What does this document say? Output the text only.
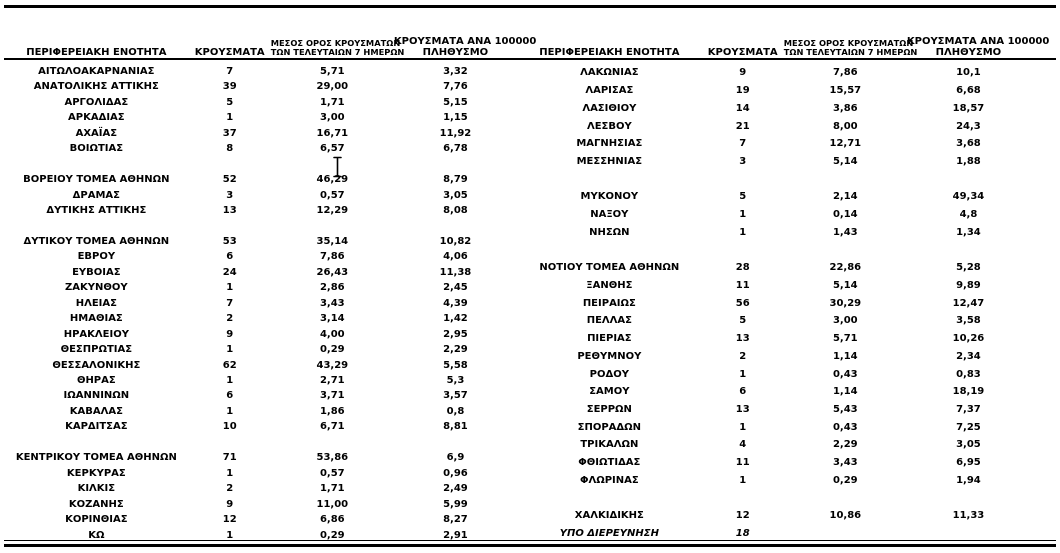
ΠΕΡΙΦΕΡΕΙΑΚΗ ΕΝΟΤΗΤΑ	ΚΡΟΥΣΜΑΤΑ	ΜΕΣΟΣ ΟΡΟΣ ΚΡΟΥΣΜΑΤΩΝ
ΤΩΝ ΤΕΛΕΥΤΑΙΩΝ 7 ΗΜΕΡΩΝ	ΚΡΟΥΣΜΑΤΑ ΑΝΑ 100000
ΠΛΗΘΥΣΜΟ

ΑΙΤΩΛΟΑΚΑΡΝΑΝΙΑΣ	7	5,71	3,32
ΑΝΑΤΟΛΙΚΗΣ ΑΤΤΙΚΗΣ	39	29,00	7,76
ΑΡΓΟΛΙΔΑΣ	5	1,71	5,15
ΑΡΚΑΔΙΑΣ	1	3,00	1,15
ΑΧΑΪΑΣ	37	16,71	11,92
ΒΟΙΩΤΙΑΣ	8	6,57	6,78

ΒΟΡΕΙΟΥ ΤΟΜΕΑ ΑΘΗΝΩΝ	52	46,29	8,79
ΔΡΑΜΑΣ	3	0,57	3,05
ΔΥΤΙΚΗΣ ΑΤΤΙΚΗΣ	13	12,29	8,08

ΔΥΤΙΚΟΥ ΤΟΜΕΑ ΑΘΗΝΩΝ	53	35,14	10,82
ΕΒΡΟΥ	6	7,86	4,06
ΕΥΒΟΙΑΣ	24	26,43	11,38
ΖΑΚΥΝΘΟΥ	1	2,86	2,45
ΗΛΕΙΑΣ	7	3,43	4,39
ΗΜΑΘΙΑΣ	2	3,14	1,42
ΗΡΑΚΛΕΙΟΥ	9	4,00	2,95
ΘΕΣΠΡΩΤΙΑΣ	1	0,29	2,29
ΘΕΣΣΑΛΟΝΙΚΗΣ	62	43,29	5,58
ΘΗΡΑΣ	1	2,71	5,3
ΙΩΑΝΝΙΝΩΝ	6	3,71	3,57
ΚΑΒΑΛΑΣ	1	1,86	0,8
ΚΑΡΔΙΤΣΑΣ	10	6,71	8,81

ΚΕΝΤΡΙΚΟΥ ΤΟΜΕΑ ΑΘΗΝΩΝ	71	53,86	6,9
ΚΕΡΚΥΡΑΣ	1	0,57	0,96
ΚΙΛΚΙΣ	2	1,71	2,49
ΚΟΖΑΝΗΣ	9	11,00	5,99
ΚΟΡΙΝΘΙΑΣ	12	6,86	8,27
ΚΩ	1	0,29	2,91
ΠΕΡΙΦΕΡΕΙΑΚΗ ΕΝΟΤΗΤΑ	ΚΡΟΥΣΜΑΤΑ	ΜΕΣΟΣ ΟΡΟΣ ΚΡΟΥΣΜΑΤΩΝ
ΤΩΝ ΤΕΛΕΥΤΑΙΩΝ 7 ΗΜΕΡΩΝ	ΚΡΟΥΣΜΑΤΑ ΑΝΑ 100000
ΠΛΗΘΥΣΜΟ

ΛΑΚΩΝΙΑΣ	9	7,86	10,1
ΛΑΡΙΣΑΣ	19	15,57	6,68
ΛΑΣΙΘΙΟΥ	14	3,86	18,57
ΛΕΣΒΟΥ	21	8,00	24,3
ΜΑΓΝΗΣΙΑΣ	7	12,71	3,68
ΜΕΣΣΗΝΙΑΣ	3	5,14	1,88

ΜΥΚΟΝΟΥ	5	2,14	49,34
ΝΑΞΟΥ	1	0,14	4,8
ΝΗΣΩΝ	1	1,43	1,34

ΝΟΤΙΟΥ ΤΟΜΕΑ ΑΘΗΝΩΝ	28	22,86	5,28
ΞΑΝΘΗΣ	11	5,14	9,89
ΠΕΙΡΑΙΩΣ	56	30,29	12,47
ΠΕΛΛΑΣ	5	3,00	3,58
ΠΙΕΡΙΑΣ	13	5,71	10,26
ΡΕΘΥΜΝΟΥ	2	1,14	2,34
ΡΟΔΟΥ	1	0,43	0,83
ΣΑΜΟΥ	6	1,14	18,19
ΣΕΡΡΩΝ	13	5,43	7,37
ΣΠΟΡΑΔΩΝ	1	0,43	7,25
ΤΡΙΚΑΛΩΝ	4	2,29	3,05
ΦΘΙΩΤΙΔΑΣ	11	3,43	6,95
ΦΛΩΡΙΝΑΣ	1	0,29	1,94

ΧΑΛΚΙΔΙΚΗΣ	12	10,86	11,33
ΥΠΟ ΔΙΕΡΕΥΝΗΣΗ	18		
